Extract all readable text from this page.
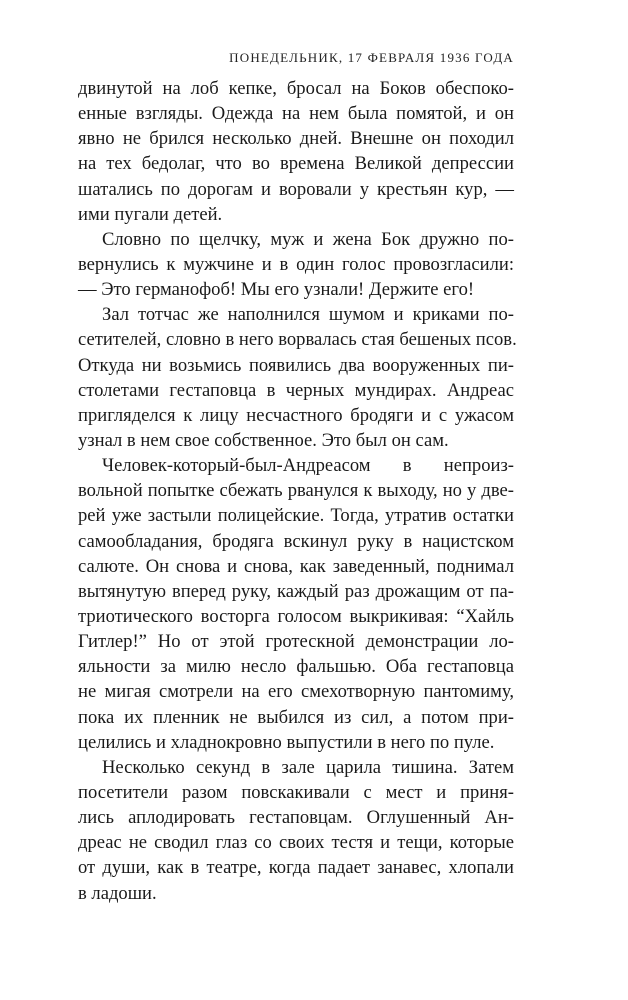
ПОНЕДЕЛЬНИК, 17 ФЕВРАЛЯ 1936 ГОДА
двинутой на лоб кепке, бросал на Боков обеспоко-
енные взгляды. Одежда на нем была помятой, и он
явно не брился несколько дней. Внешне он походил
на тех бедолаг, что во времена Великой депрессии
шатались по дорогам и воровали у крестьян кур, —
ими пугали детей.
Словно по щелчку, муж и жена Бок дружно по-
вернулись к мужчине и в один голос провозгласили:
— Это германофоб! Мы его узнали! Держите его!
Зал тотчас же наполнился шумом и криками по-
сетителей, словно в него ворвалась стая бешеных псов.
Откуда ни возьмись появились два вооруженных пи-
столетами гестаповца в черных мундирах. Андреас
пригляделся к лицу несчастного бродяги и с ужасом
узнал в нем свое собственное. Это был он сам.
Человек-который-был-Андреасом в непроиз-
вольной попытке сбежать рванулся к выходу, но у две-
рей уже застыли полицейские. Тогда, утратив остатки
самообладания, бродяга вскинул руку в нацистском
салюте. Он снова и снова, как заведенный, поднимал
вытянутую вперед руку, каждый раз дрожащим от па-
триотического восторга голосом выкрикивая: “Хайль
Гитлер!” Но от этой гротескной демонстрации ло-
яльности за милю несло фальшью. Оба гестаповца
не мигая смотрели на его смехотворную пантомиму,
пока их пленник не выбился из сил, а потом при-
целились и хладнокровно выпустили в него по пуле.
Несколько секунд в зале царила тишина. Затем
посетители разом повскакивали с мест и приня-
лись аплодировать гестаповцам. Оглушенный Ан-
дреас не сводил глаз со своих тестя и тещи, которые
от души, как в театре, когда падает занавес, хлопали
в ладоши.
